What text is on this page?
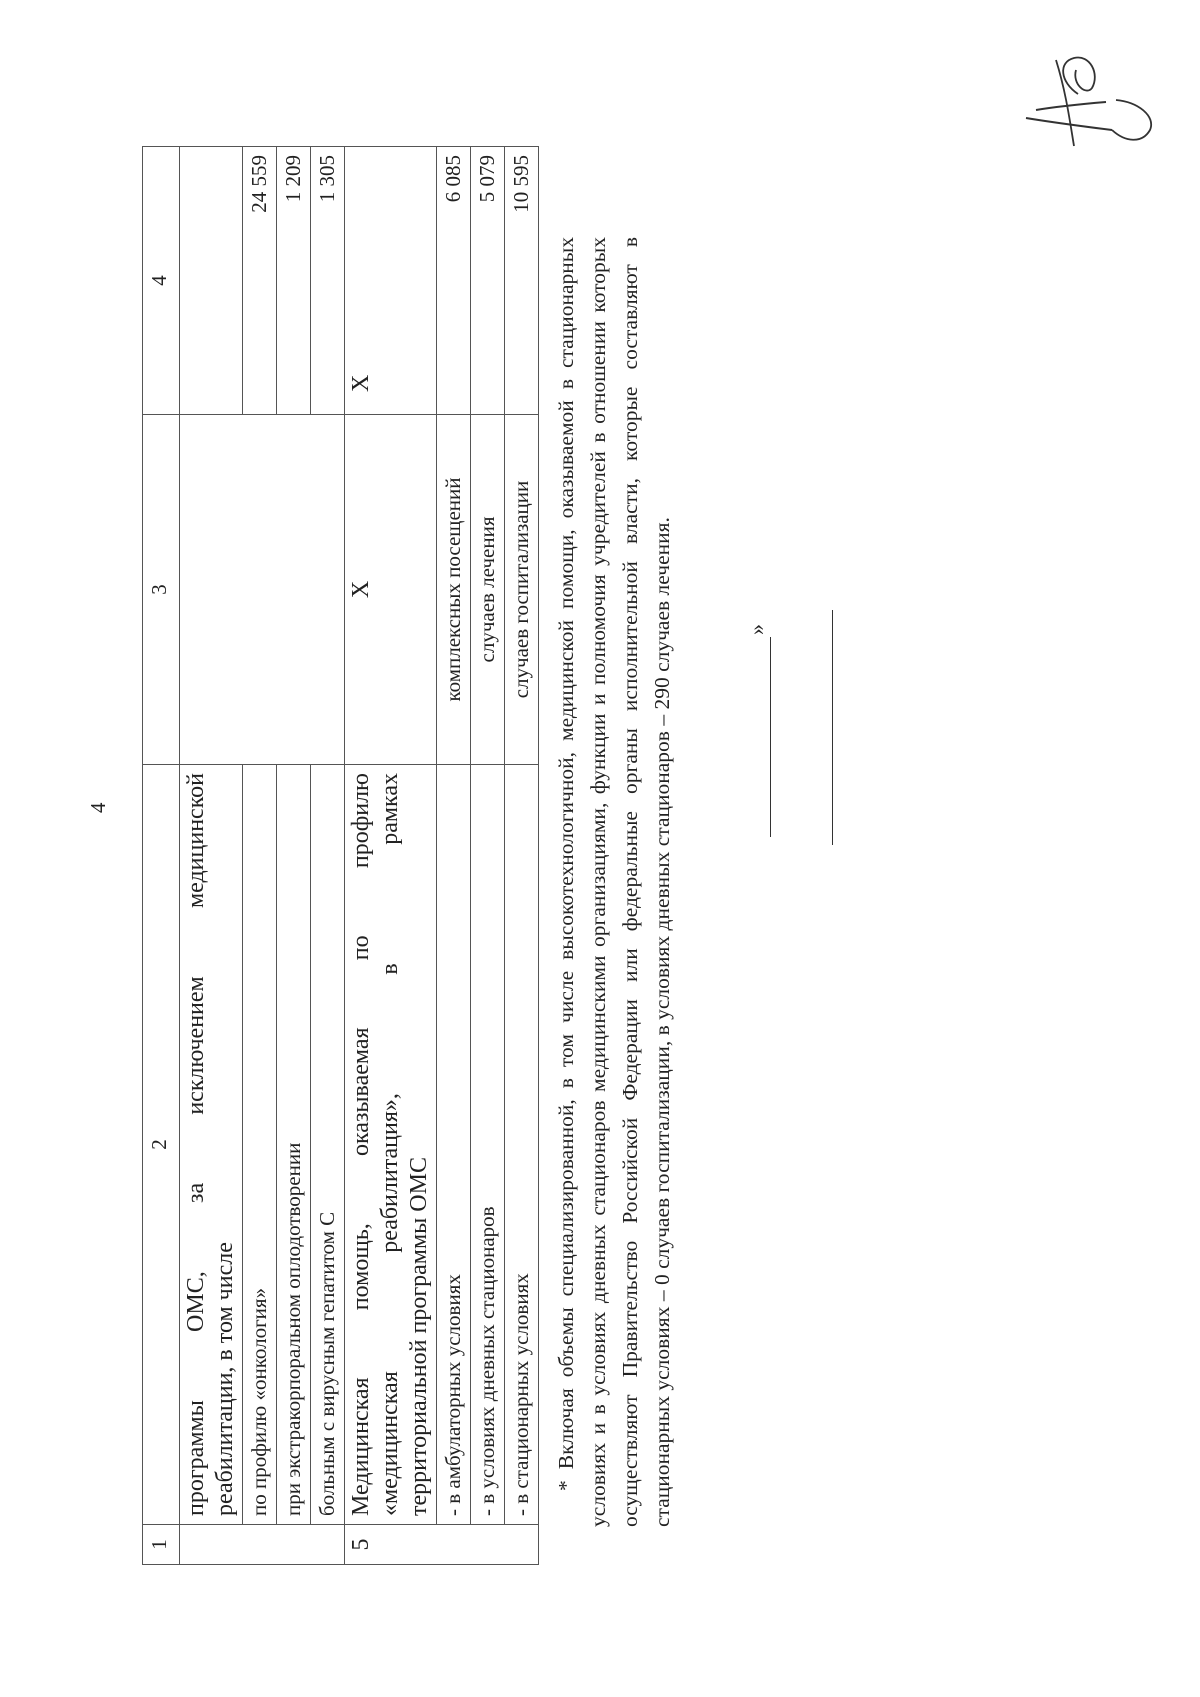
4
1	2	3	4

	программы ОМС, за исключением медицинской реабилитации, в том числе		
	по профилю «онкология»		24 559
	при экстракорпоральном оплодотворении		1 209
	больным с вирусным гепатитом С		1 305
5	Медицинская помощь, оказываемая по профилю «медицинская реабилитация», в рамках территориальной программы ОМС	Х	Х
	- в амбулаторных условиях	комплексных посещений	6 085
	- в условиях дневных стационаров	случаев лечения	5 079
	- в стационарных условиях	случаев госпитализации	10 595

* Включая объемы специализированной, в том числе высокотехнологичной, медицинской помощи, оказываемой в стационарных условиях и в условиях дневных стационаров медицинскими организациями, функции и полномочия учредителей в отношении которых осуществляют Правительство Российской Федерации или федеральные органы исполнительной власти, которые составляют в стационарных условиях – 0 случаев госпитализации, в условиях дневных стационаров – 290 случаев лечения.	»
